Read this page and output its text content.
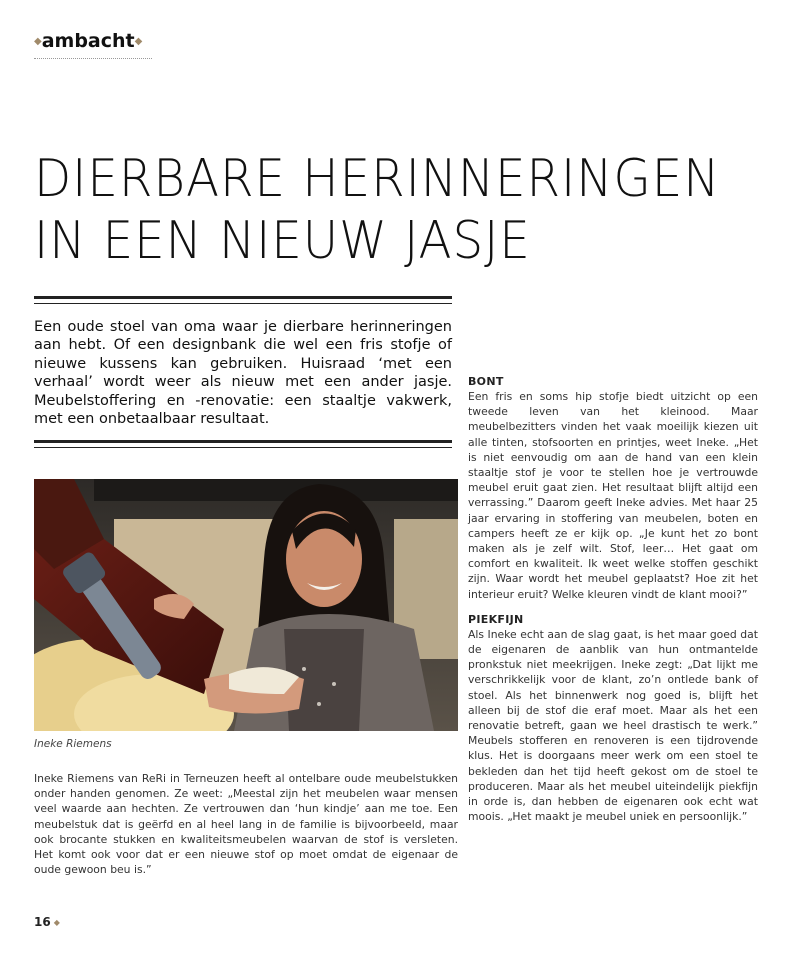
◆ambacht◆
DIERBARE HERINNERINGEN
IN EEN NIEUW JASJE

Een oude stoel van oma waar je dierbare herinneringen aan hebt. Of een designbank die wel een fris stofje of nieuwe kussens kan gebruiken. Huisraad ‘met een verhaal’ wordt weer als nieuw met een ander jasje. Meubelstoffering en -renovatie: een staaltje vakwerk, met een onbetaalbaar resultaat.

Ineke Riemens

Ineke Riemens van ReRi in Terneuzen heeft al ontelbare oude meubelstukken onder handen genomen. Ze weet: „Meestal zijn het meubelen waar mensen veel waarde aan hechten. Ze vertrouwen dan ‘hun kindje’ aan me toe. Een meubelstuk dat is geërfd en al heel lang in de familie is bijvoorbeeld, maar ook brocante stukken en kwaliteitsmeubelen waarvan de stof is versleten. Het komt ook voor dat er een nieuwe stof op moet omdat de eigenaar de oude gewoon beu is.”

BONT

Een fris en soms hip stofje biedt uitzicht op een tweede leven van het kleinood. Maar meubelbezitters vinden het vaak moeilijk kiezen uit alle tinten, stofsoorten en printjes, weet Ineke. „Het is niet eenvoudig om aan de hand van een klein staaltje stof je voor te stellen hoe je vertrouwde meubel eruit gaat zien. Het resultaat blijft altijd een verrassing.” Daarom geeft Ineke advies. Met haar 25 jaar ervaring in stoffering van meubelen, boten en campers heeft ze er kijk op. „Je kunt het zo bont maken als je zelf wilt. Stof, leer… Het gaat om comfort en kwaliteit. Ik weet welke stoffen geschikt zijn. Waar wordt het meubel geplaatst? Hoe zit het interieur eruit? Welke kleuren vindt de klant mooi?”

PIEKFIJN

Als Ineke echt aan de slag gaat, is het maar goed dat de eigenaren de aanblik van hun ontmantelde pronkstuk niet meekrijgen. Ineke zegt: „Dat lijkt me verschrikkelijk voor de klant, zo’n ontlede bank of stoel. Als het binnenwerk nog goed is, blijft het alleen bij de stof die eraf moet. Maar als het een renovatie betreft, gaan we heel drastisch te werk.” Meubels stofferen en renoveren is een tijdrovende klus. Het is doorgaans meer werk om een stoel te bekleden dan het tijd heeft gekost om de stoel te produceren. Maar als het meubel uiteindelijk piekfijn in orde is, dan hebben de eigenaren ook echt wat moois. „Het maakt je meubel uniek en persoonlijk.”

16 ◆
